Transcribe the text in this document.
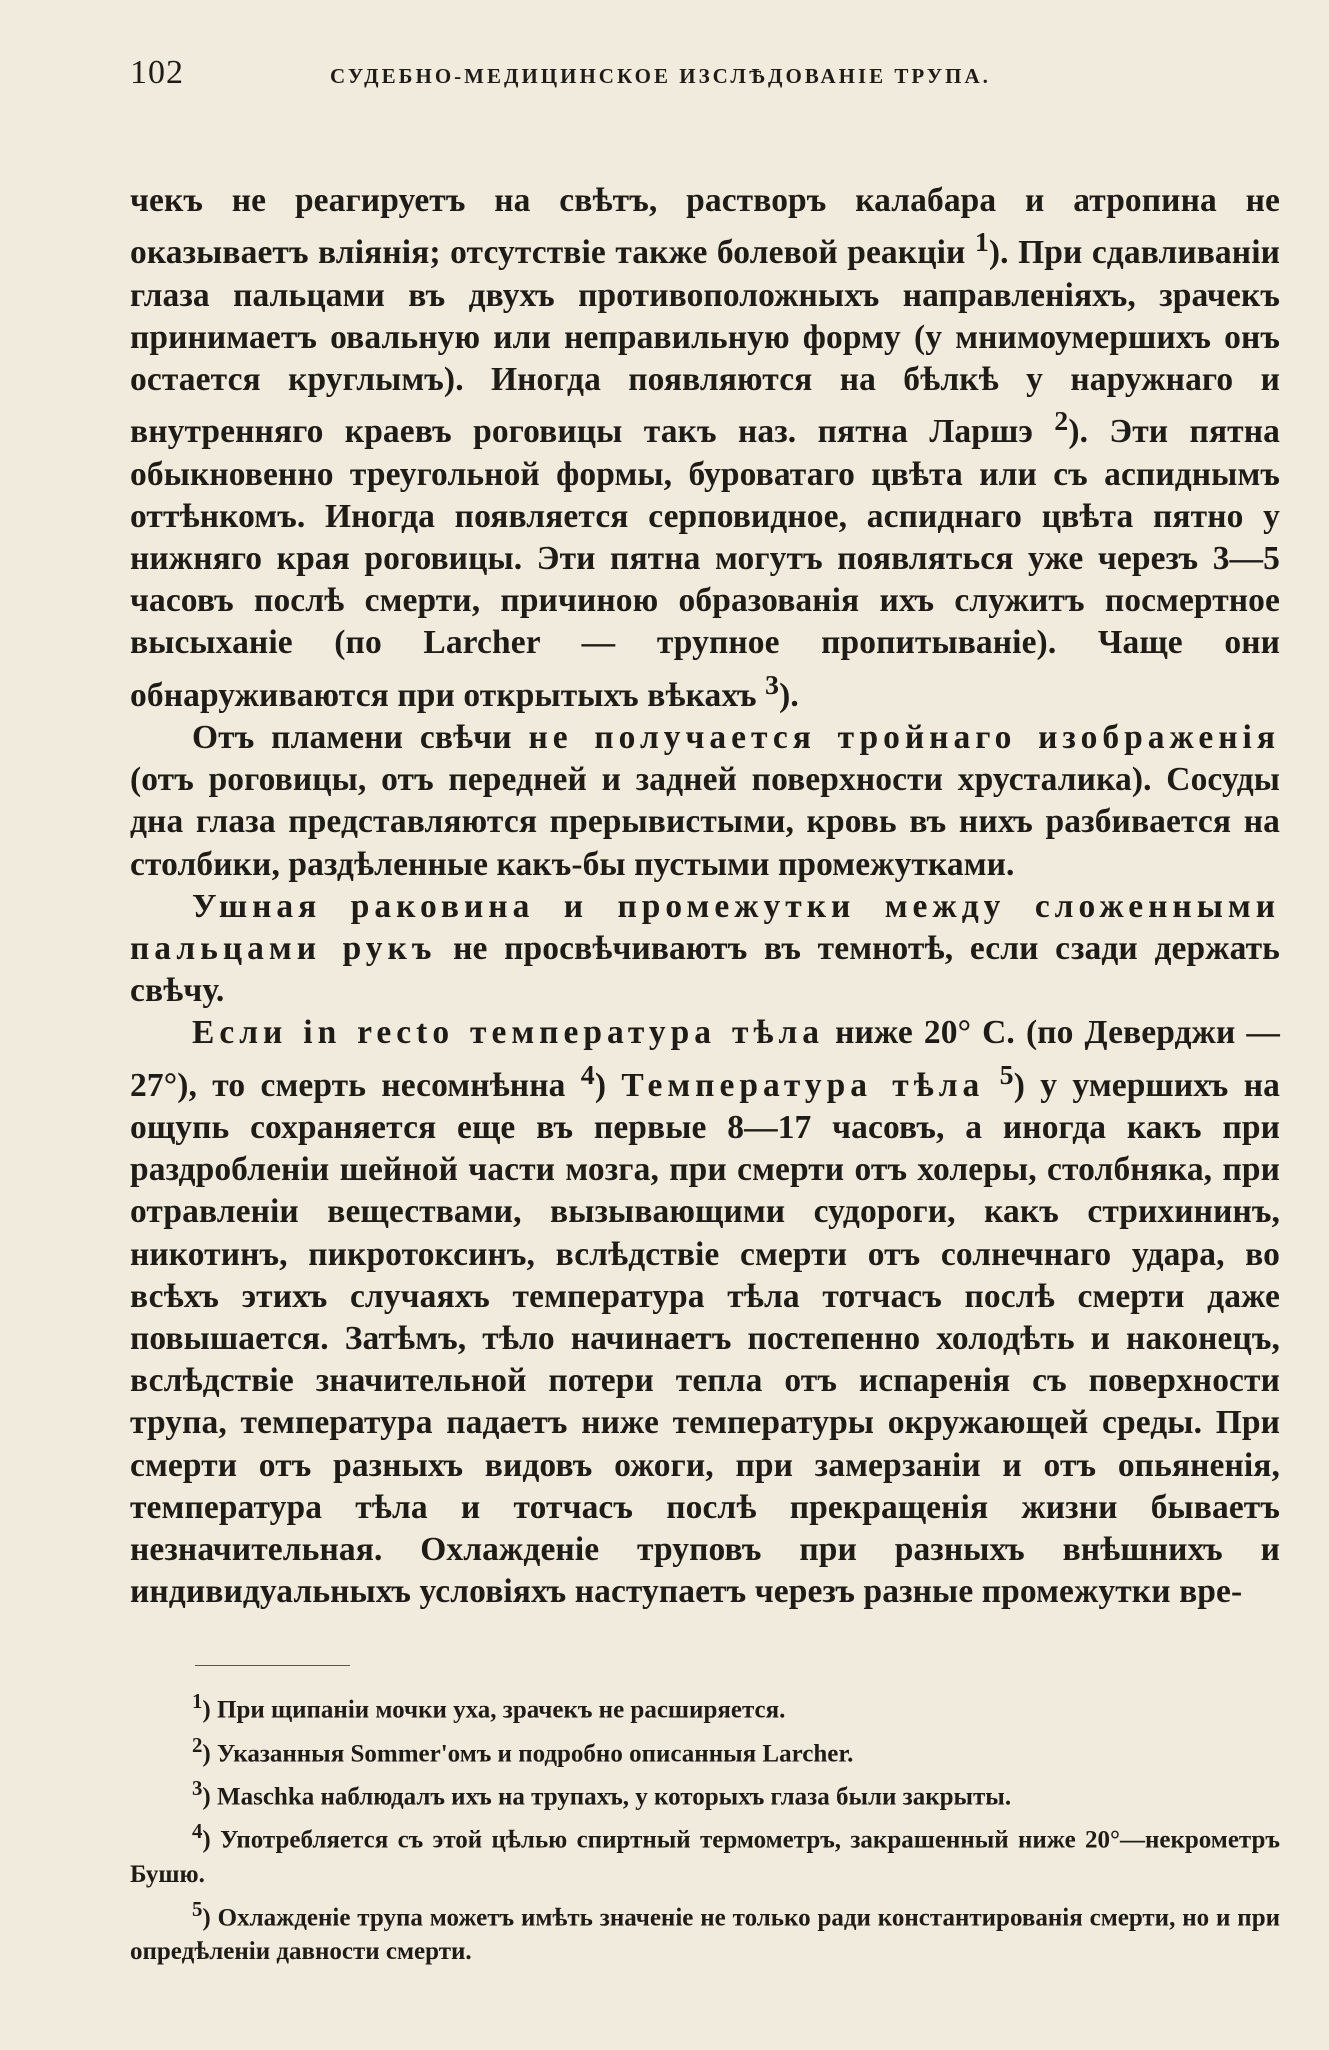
102	СУДЕБНО-МЕДИЦИНСКОЕ ИЗСЛѢДОВАНІЕ ТРУПА.

чекъ не реагируетъ на свѣтъ, растворъ калабара и атропина не оказываетъ вліянія; отсутствіе также болевой реакціи $^1$). При сдавливаніи глаза пальцами въ двухъ противоположныхъ направленіяхъ, зрачекъ принимаетъ овальную или неправильную форму (у мнимоумершихъ онъ остается круглымъ). Иногда появляются на бѣлкѣ у наружнаго и внутренняго краевъ роговицы такъ наз. пятна Ларшэ $^2$). Эти пятна обыкновенно треугольной формы, буроватаго цвѣта или съ аспиднымъ оттѣнкомъ. Иногда появляется серповидное, аспиднаго цвѣта пятно у нижняго края роговицы. Эти пятна могутъ появляться уже черезъ 3—5 часовъ послѣ смерти, причиною образованія ихъ служитъ посмертное высыханіе (по Larcher — трупное пропитываніе). Чаще они обнаруживаются при открытыхъ вѣкахъ $^3$).

Отъ пламени свѣчи не получается тройнаго изображенія (отъ роговицы, отъ передней и задней поверхности хрусталика). Сосуды дна глаза представляются прерывистыми, кровь въ нихъ разбивается на столбики, раздѣленные какъ-бы пустыми промежутками.

Ушная раковина и промежутки между сложенными пальцами рукъ не просвѣчиваютъ въ темнотѣ, если сзади держать свѣчу.

Если in recto температура тѣла ниже 20° С. (по Деверджи — 27°), то смерть несомнѣнна $^4$) Температура тѣла $^5$) у умершихъ на ощупь сохраняется еще въ первые 8—17 часовъ, а иногда какъ при раздробленіи шейной части мозга, при смерти отъ холеры, столбняка, при отравленіи веществами, вызывающими судороги, какъ стрихининъ, никотинъ, пикротоксинъ, вслѣдствіе смерти отъ солнечнаго удара, во всѣхъ этихъ случаяхъ температура тѣла тотчасъ послѣ смерти даже повышается. Затѣмъ, тѣло начинаетъ постепенно холодѣть и наконецъ, вслѣдствіе значительной потери тепла отъ испаренія съ поверхности трупа, температура падаетъ ниже температуры окружающей среды. При смерти отъ разныхъ видовъ ожоги, при замерзаніи и отъ опьяненія, температура тѣла и тотчасъ послѣ прекращенія жизни бываетъ незначительная. Охлажденіе труповъ при разныхъ внѣшнихъ и индивидуальныхъ условіяхъ наступаетъ черезъ разные промежутки вре-

$^1$) При щипаніи мочки уха, зрачекъ не расширяется.

$^2$) Указанныя Sommer'омъ и подробно описанныя Larcher.

$^3$) Maschka наблюдалъ ихъ на трупахъ, у которыхъ глаза были закрыты.

$^4$) Употребляется съ этой цѣлью спиртный термометръ, закрашенный ниже 20°—некрометръ Бушю.

$^5$) Охлажденіе трупа можетъ имѣть значеніе не только ради константированія смерти, но и при опредѣленіи давности смерти.
